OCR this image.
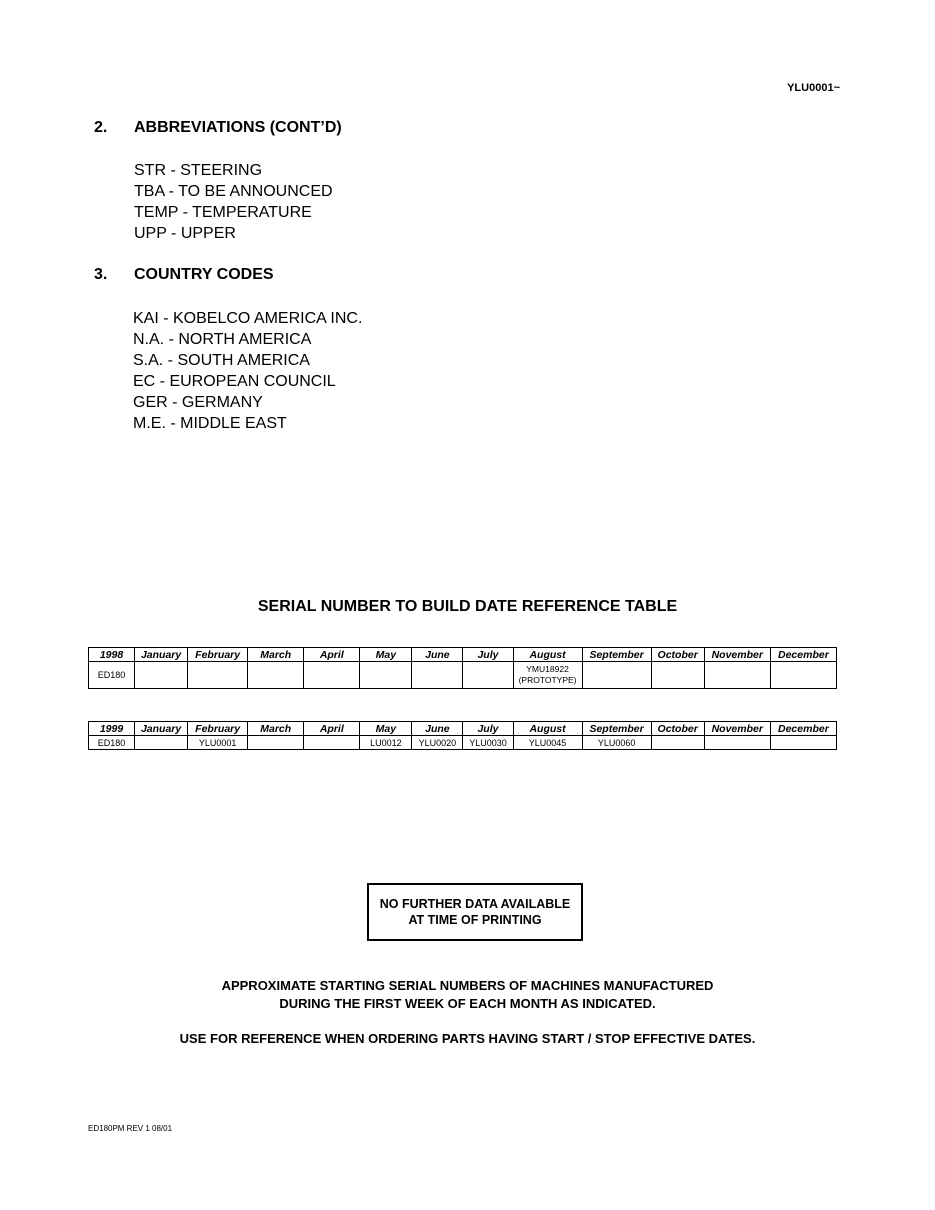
YLU0001~
2. ABBREVIATIONS (CONT’D)
STR - STEERING
TBA - TO BE ANNOUNCED
TEMP - TEMPERATURE
UPP - UPPER
3. COUNTRY CODES
KAI - KOBELCO AMERICA INC.
N.A. - NORTH AMERICA
S.A. - SOUTH AMERICA
EC - EUROPEAN COUNCIL
GER - GERMANY
M.E. - MIDDLE EAST
SERIAL NUMBER TO BUILD DATE REFERENCE TABLE
1998	January	February	March	April	May	June	July	August	September	October	November	December
ED180								YMU18922 (PROTOTYPE)				
1999	January	February	March	April	May	June	July	August	September	October	November	December
ED180		YLU0001			LU0012	YLU0020	YLU0030	YLU0045	YLU0060			
NO FURTHER DATA AVAILABLE
AT TIME OF PRINTING
APPROXIMATE STARTING SERIAL NUMBERS OF MACHINES MANUFACTURED
DURING THE FIRST WEEK OF EACH MONTH AS INDICATED.
USE FOR REFERENCE WHEN ORDERING PARTS HAVING START / STOP EFFECTIVE DATES.
ED180PM REV 1 08/01
